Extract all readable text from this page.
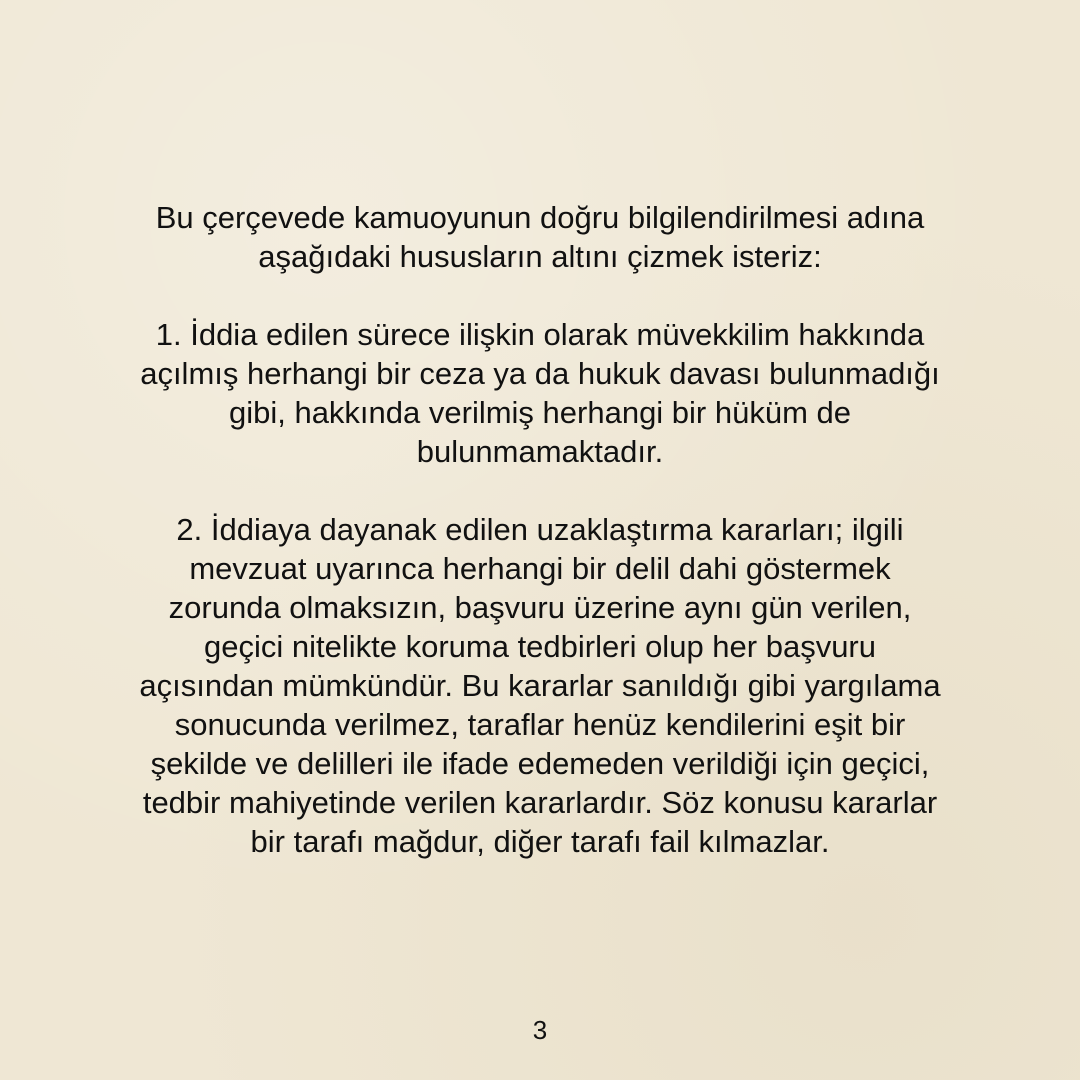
Bu çerçevede kamuoyunun doğru bilgilendirilmesi adına
aşağıdaki hususların altını çizmek isteriz:

1. İddia edilen sürece ilişkin olarak müvekkilim hakkında
açılmış herhangi bir ceza ya da hukuk davası bulunmadığı
gibi, hakkında verilmiş herhangi bir hüküm de
bulunmamaktadır.

2. İddiaya dayanak edilen uzaklaştırma kararları; ilgili
mevzuat uyarınca herhangi bir delil dahi göstermek
zorunda olmaksızın, başvuru üzerine aynı gün verilen,
geçici nitelikte koruma tedbirleri olup her başvuru
açısından mümkündür. Bu kararlar sanıldığı gibi yargılama
sonucunda verilmez, taraflar henüz kendilerini eşit bir
şekilde ve delilleri ile ifade edemeden verildiği için geçici,
tedbir mahiyetinde verilen kararlardır. Söz konusu kararlar
bir tarafı mağdur, diğer tarafı fail kılmazlar.

3
